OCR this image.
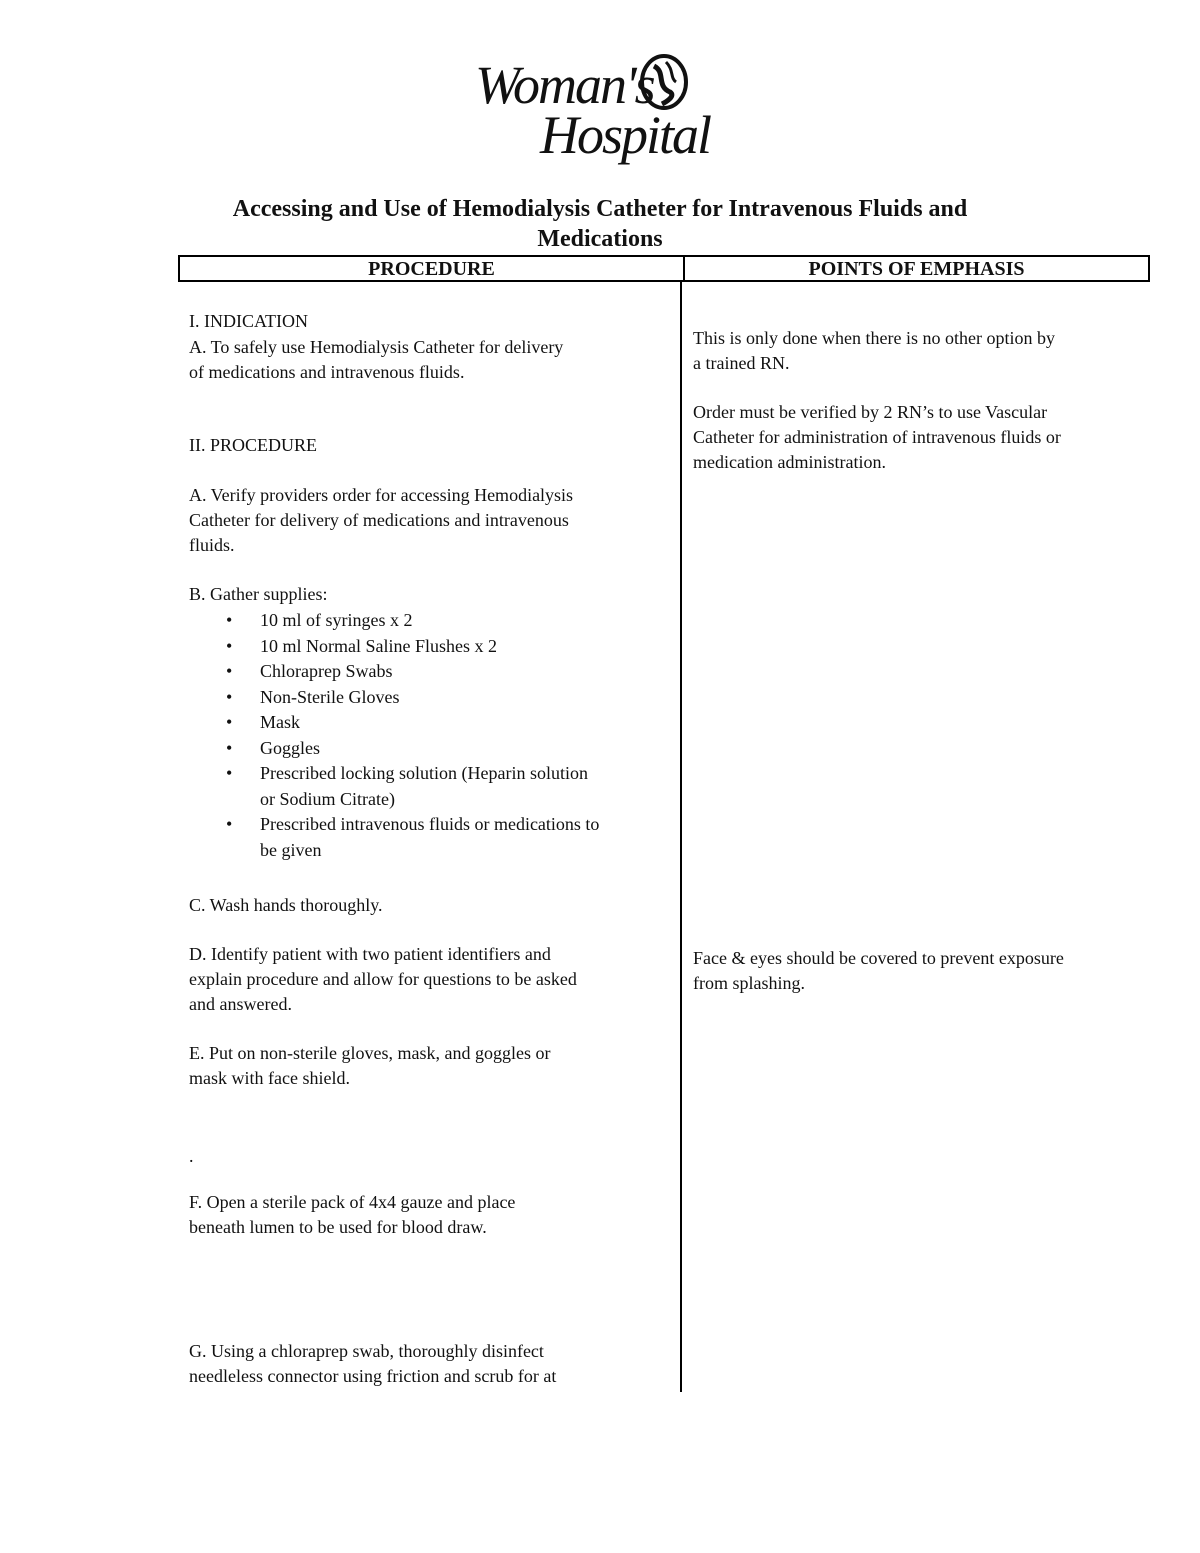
Woman's
Hospital
Accessing and Use of Hemodialysis Catheter for Intravenous Fluids and
Medications
PROCEDURE	POINTS OF EMPHASIS
I. INDICATION
A. To safely use Hemodialysis Catheter for delivery
of medications and intravenous fluids.
II. PROCEDURE
A. Verify providers order for accessing Hemodialysis
Catheter for delivery of medications and intravenous
fluids.
B. Gather supplies:
• 10 ml of syringes x 2
• 10 ml Normal Saline Flushes x 2
• Chloraprep Swabs
• Non-Sterile Gloves
• Mask
• Goggles
• Prescribed locking solution (Heparin solution
or Sodium Citrate)
• Prescribed intravenous fluids or medications to
be given
C. Wash hands thoroughly.
D. Identify patient with two patient identifiers and
explain procedure and allow for questions to be asked
and answered.
E. Put on non-sterile gloves, mask, and goggles or
mask with face shield.
.
F. Open a sterile pack of 4x4 gauze and place
beneath lumen to be used for blood draw.
G. Using a chloraprep swab, thoroughly disinfect
needleless connector using friction and scrub for at
This is only done when there is no other option by
a trained RN.
Order must be verified by 2 RN’s to use Vascular
Catheter for administration of intravenous fluids or
medication administration.
Face & eyes should be covered to prevent exposure
from splashing.
